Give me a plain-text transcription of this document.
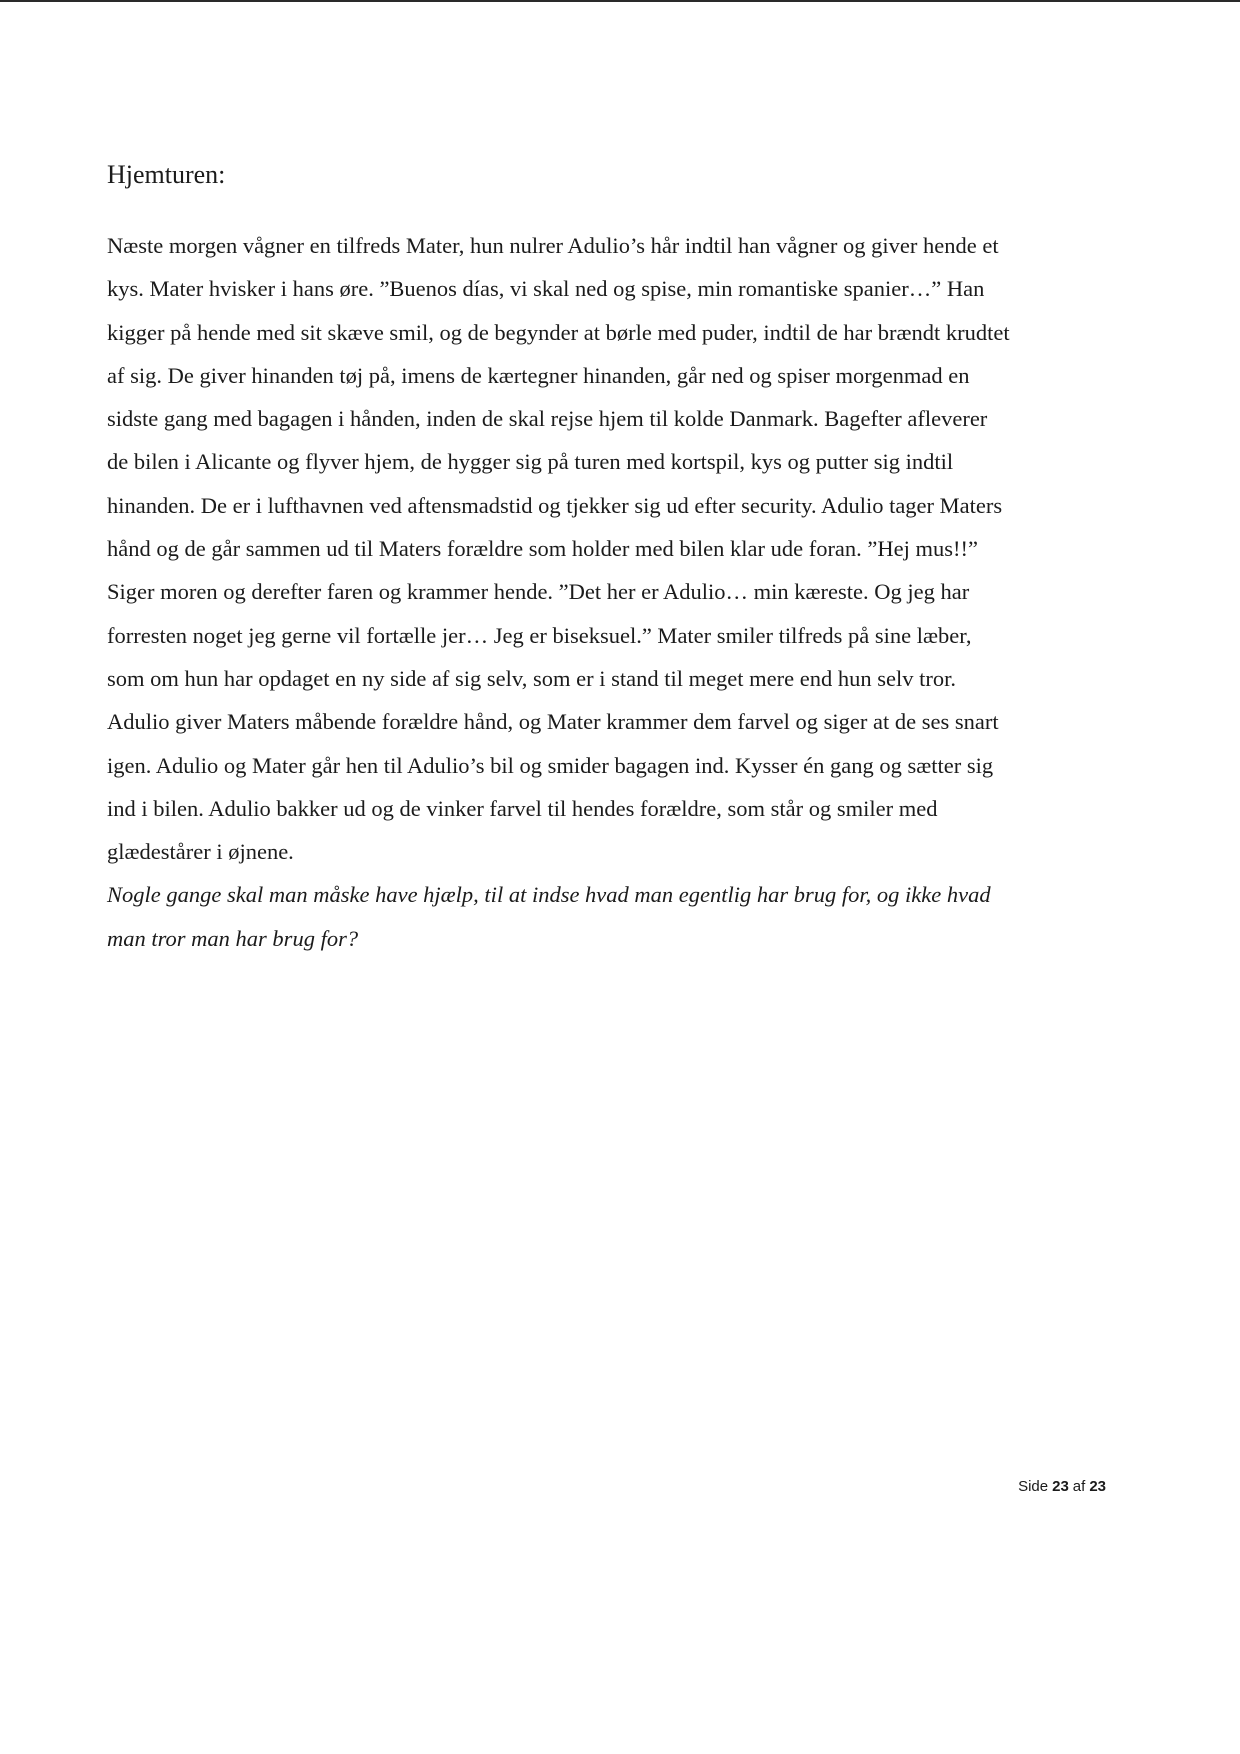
Hjemturen:
Næste morgen vågner en tilfreds Mater, hun nulrer Adulio’s hår indtil han vågner og giver hende et
kys. Mater hvisker i hans øre. ”Buenos días, vi skal ned og spise, min romantiske spanier…” Han
kigger på hende med sit skæve smil, og de begynder at børle med puder, indtil de har brændt krudtet
af sig. De giver hinanden tøj på, imens de kærtegner hinanden, går ned og spiser morgenmad en
sidste gang med bagagen i hånden, inden de skal rejse hjem til kolde Danmark. Bagefter afleverer
de bilen i Alicante og flyver hjem, de hygger sig på turen med kortspil, kys og putter sig indtil
hinanden. De er i lufthavnen ved aftensmadstid og tjekker sig ud efter security. Adulio tager Maters
hånd og de går sammen ud til Maters forældre som holder med bilen klar ude foran. ”Hej mus!!”
Siger moren og derefter faren og krammer hende. ”Det her er Adulio… min kæreste. Og jeg har
forresten noget jeg gerne vil fortælle jer… Jeg er biseksuel.” Mater smiler tilfreds på sine læber,
som om hun har opdaget en ny side af sig selv, som er i stand til meget mere end hun selv tror.
Adulio giver Maters måbende forældre hånd, og Mater krammer dem farvel og siger at de ses snart
igen. Adulio og Mater går hen til Adulio’s bil og smider bagagen ind. Kysser én gang og sætter sig
ind i bilen. Adulio bakker ud og de vinker farvel til hendes forældre, som står og smiler med
glædestårer i øjnene.
Nogle gange skal man måske have hjælp, til at indse hvad man egentlig har brug for, og ikke hvad
man tror man har brug for?
Side 23 af 23
